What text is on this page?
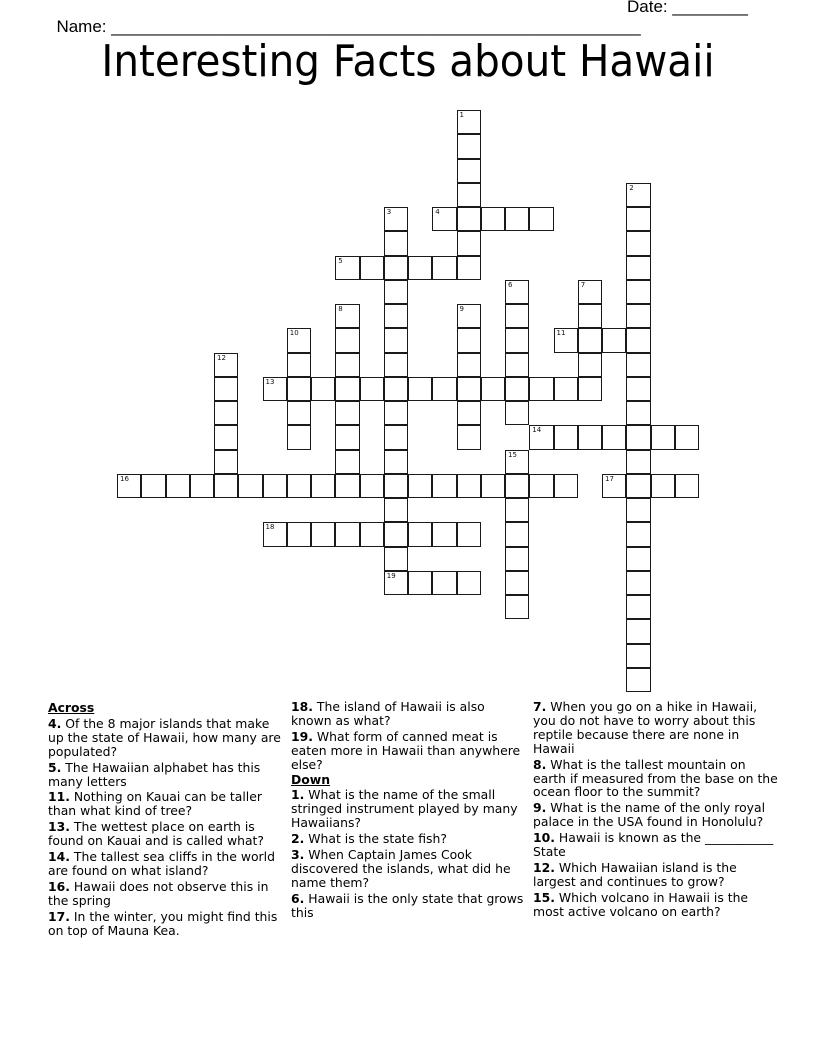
Name: ________________________________________________________

Date: ________

Interesting Facts about Hawaii
1
2
3
19
4
5
6	7
8	9
10	11
12
13
14
15
16	17
18
Across
4. Of the 8 major islands that make up the state of Hawaii, how many are populated?
5. The Hawaiian alphabet has this many letters
11. Nothing on Kauai can be taller than what kind of tree?
13. The wettest place on earth is found on Kauai and is called what?
14. The tallest sea cliffs in the world are found on what island?
16. Hawaii does not observe this in the spring
17. In the winter, you might find this on top of Mauna Kea.
18. The island of Hawaii is also known as what?
19. What form of canned meat is eaten more in Hawaii than anywhere else?
Down
1. What is the name of the small stringed instrument played by many Hawaiians?
2. What is the state fish?
3. When Captain James Cook discovered the islands, what did he name them?
6. Hawaii is the only state that grows this
7. When you go on a hike in Hawaii, you do not have to worry about this reptile because there are none in Hawaii
8. What is the tallest mountain on earth if measured from the base on the ocean floor to the summit?
9. What is the name of the only royal palace in the USA found in Honolulu?
10. Hawaii is known as the ___________ State
12. Which Hawaiian island is the largest and continues to grow?
15. Which volcano in Hawaii is the most active volcano on earth?
